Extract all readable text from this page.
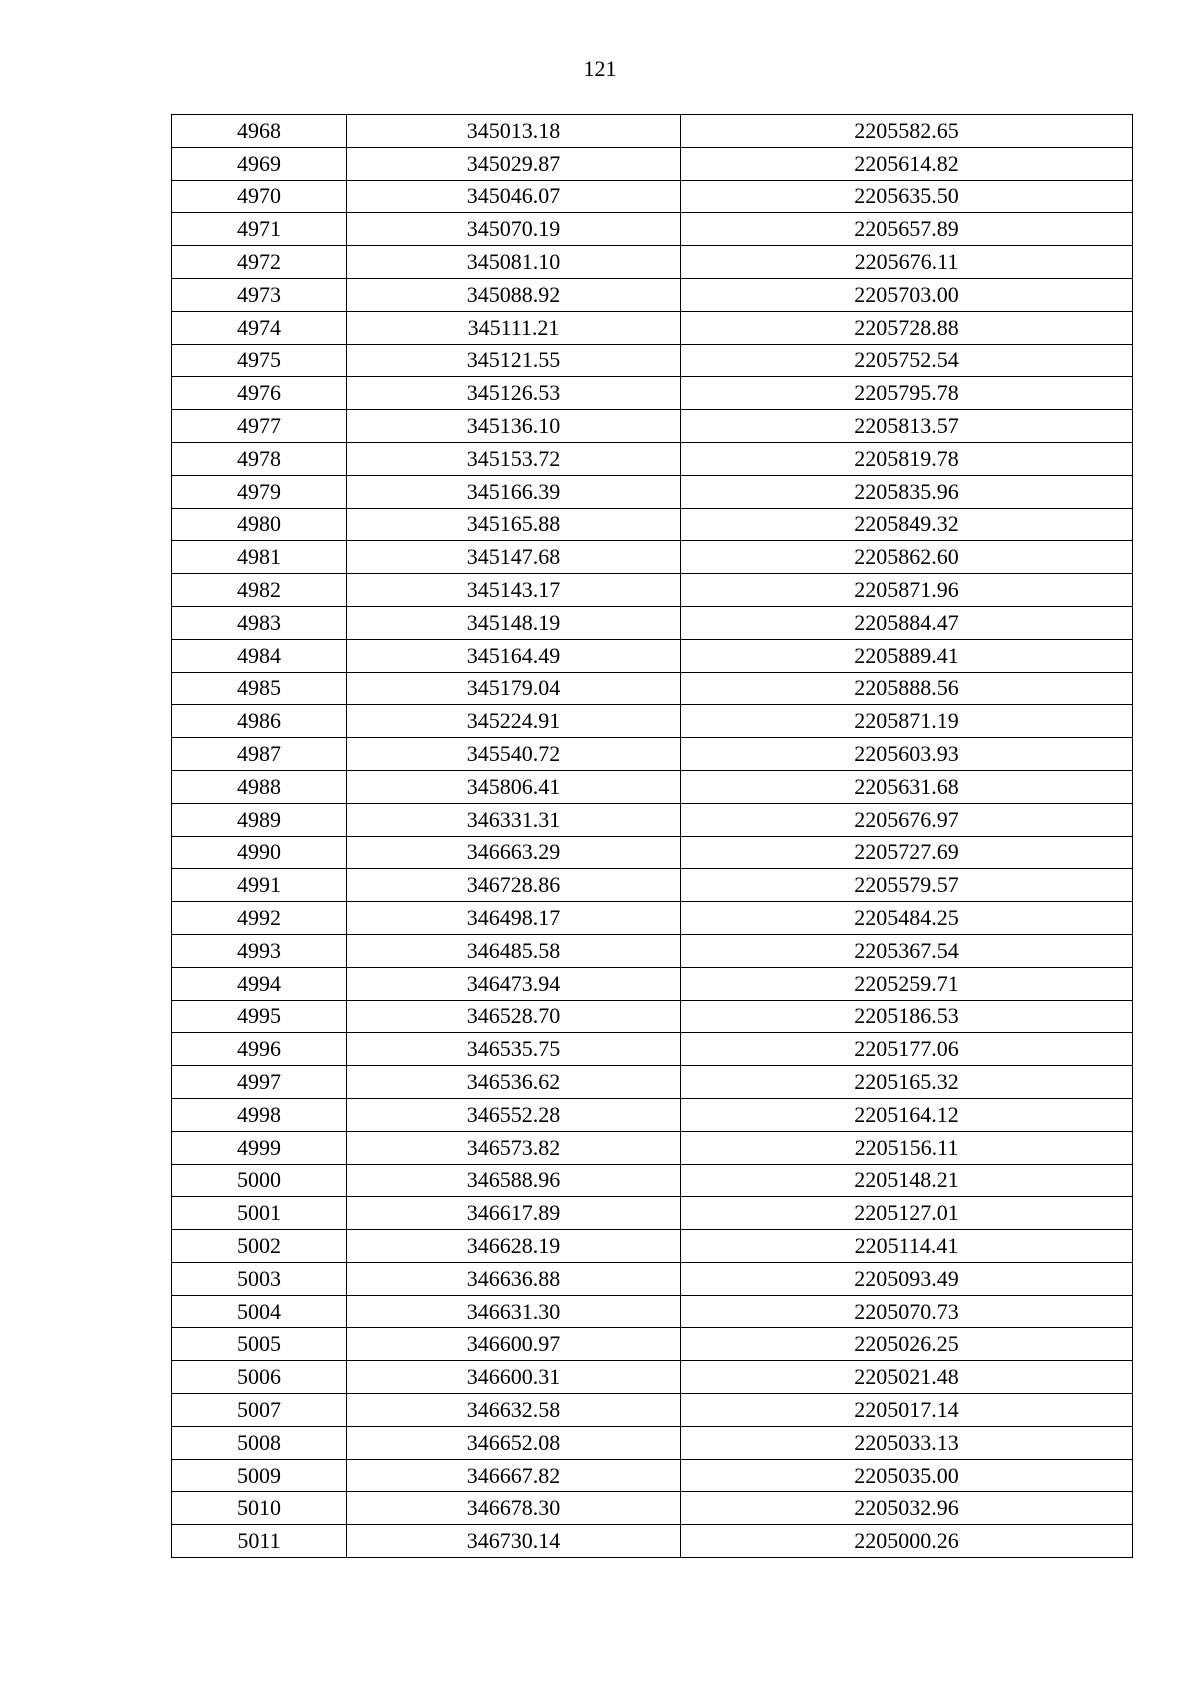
121
4968	345013.18	2205582.65
4969	345029.87	2205614.82
4970	345046.07	2205635.50
4971	345070.19	2205657.89
4972	345081.10	2205676.11
4973	345088.92	2205703.00
4974	345111.21	2205728.88
4975	345121.55	2205752.54
4976	345126.53	2205795.78
4977	345136.10	2205813.57
4978	345153.72	2205819.78
4979	345166.39	2205835.96
4980	345165.88	2205849.32
4981	345147.68	2205862.60
4982	345143.17	2205871.96
4983	345148.19	2205884.47
4984	345164.49	2205889.41
4985	345179.04	2205888.56
4986	345224.91	2205871.19
4987	345540.72	2205603.93
4988	345806.41	2205631.68
4989	346331.31	2205676.97
4990	346663.29	2205727.69
4991	346728.86	2205579.57
4992	346498.17	2205484.25
4993	346485.58	2205367.54
4994	346473.94	2205259.71
4995	346528.70	2205186.53
4996	346535.75	2205177.06
4997	346536.62	2205165.32
4998	346552.28	2205164.12
4999	346573.82	2205156.11
5000	346588.96	2205148.21
5001	346617.89	2205127.01
5002	346628.19	2205114.41
5003	346636.88	2205093.49
5004	346631.30	2205070.73
5005	346600.97	2205026.25
5006	346600.31	2205021.48
5007	346632.58	2205017.14
5008	346652.08	2205033.13
5009	346667.82	2205035.00
5010	346678.30	2205032.96
5011	346730.14	2205000.26
